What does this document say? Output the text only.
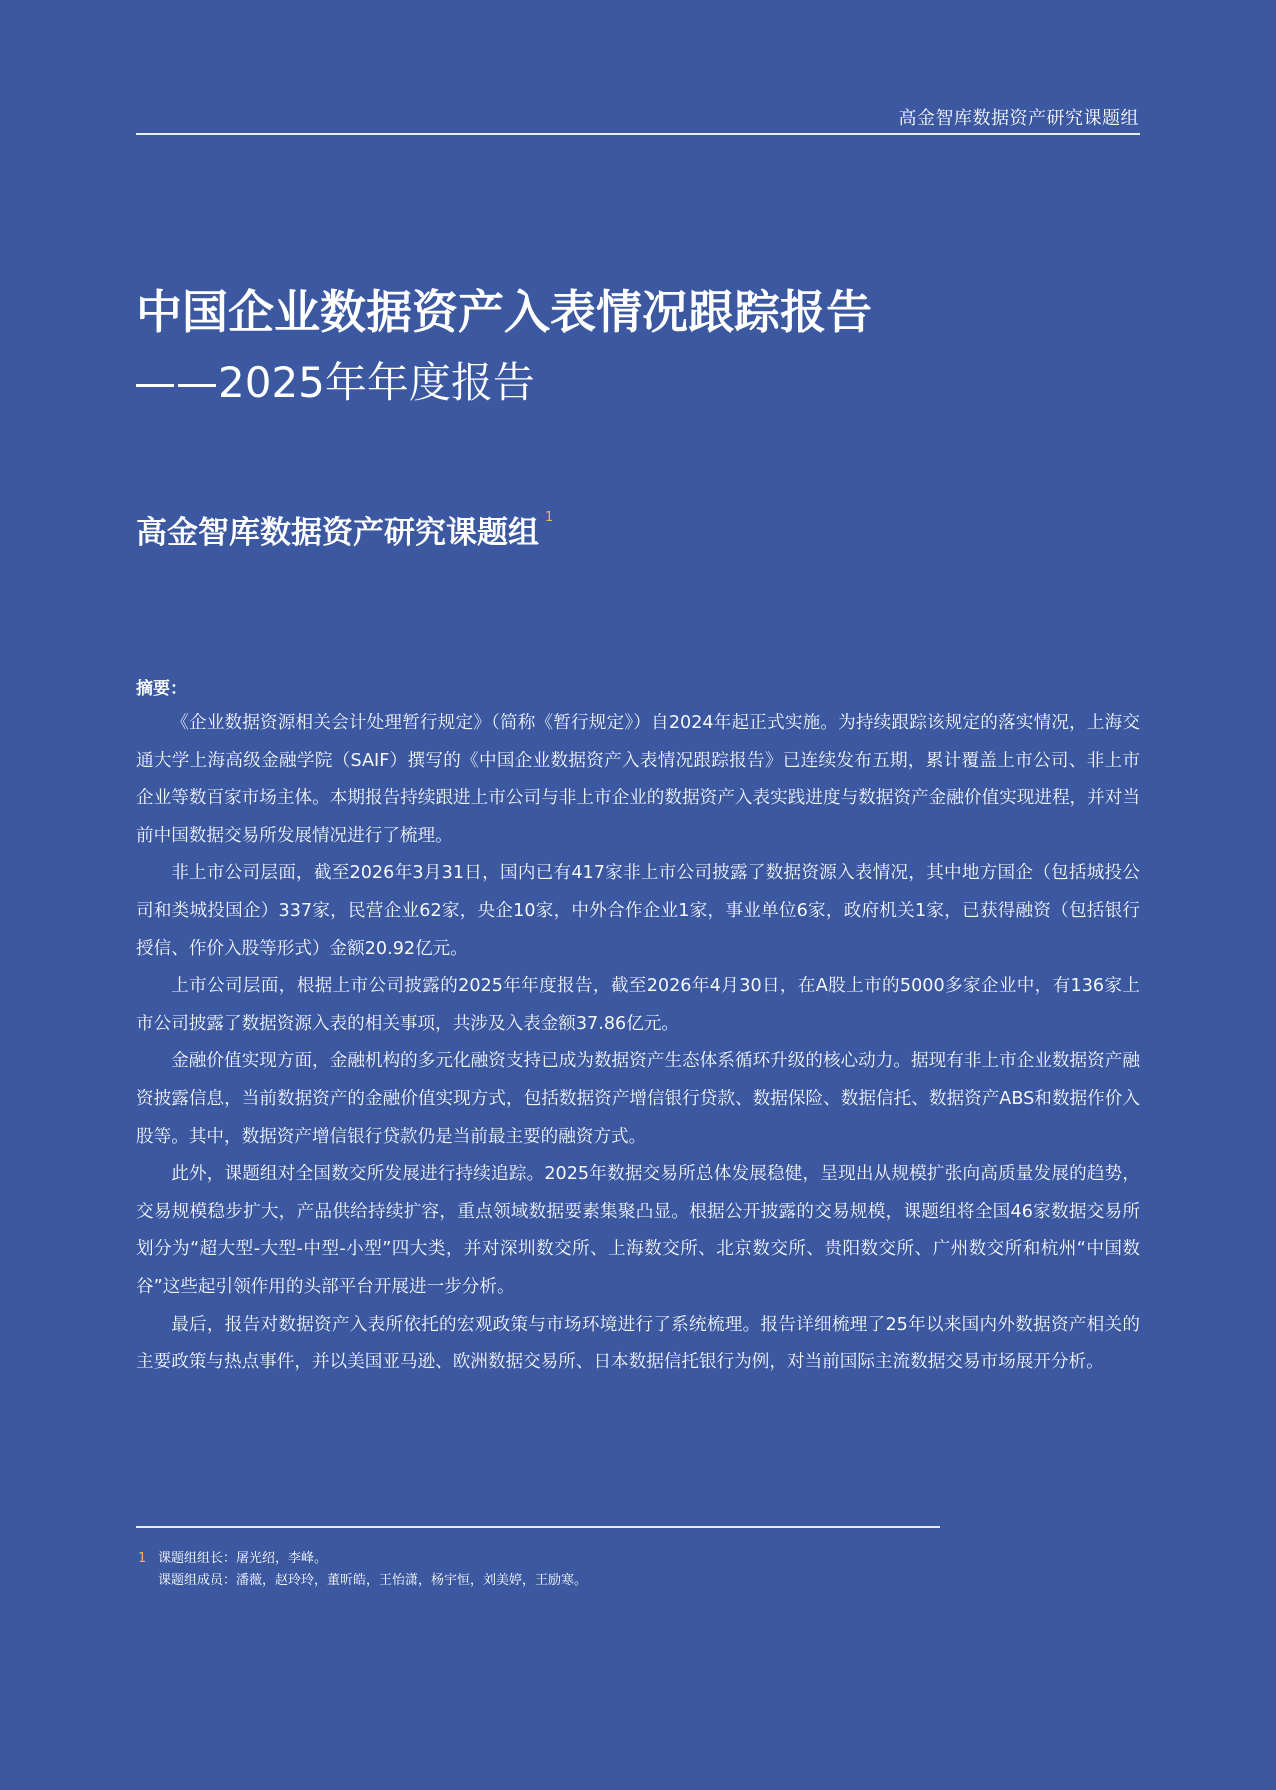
高金智库数据资产研究课题组
中国企业数据资产入表情况跟踪报告
——2025年年度报告
高金智库数据资产研究课题组 $^1$
摘要：

《企业数据资源相关会计处理暂行规定》（简称《暂行规定》）自2024年起正式实施。为持续跟踪该规定的落实情况，上海交通大学上海高级金融学院（SAIF）撰写的《中国企业数据资产入表情况跟踪报告》已连续发布五期，累计覆盖上市公司、非上市企业等数百家市场主体。本期报告持续跟进上市公司与非上市企业的数据资产入表实践进度与数据资产金融价值实现进程，并对当前中国数据交易所发展情况进行了梳理。

非上市公司层面，截至2026年3月31日，国内已有417家非上市公司披露了数据资源入表情况，其中地方国企（包括城投公司和类城投国企）337家，民营企业62家，央企10家，中外合作企业1家，事业单位6家，政府机关1家，已获得融资（包括银行授信、作价入股等形式）金额20.92亿元。

上市公司层面，根据上市公司披露的2025年年度报告，截至2026年4月30日，在A股上市的5000多家企业中，有136家上市公司披露了数据资源入表的相关事项，共涉及入表金额37.86亿元。

金融价值实现方面，金融机构的多元化融资支持已成为数据资产生态体系循环升级的核心动力。据现有非上市企业数据资产融资披露信息，当前数据资产的金融价值实现方式，包括数据资产增信银行贷款、数据保险、数据信托、数据资产ABS和数据作价入股等。其中，数据资产增信银行贷款仍是当前最主要的融资方式。

此外，课题组对全国数交所发展进行持续追踪。2025年数据交易所总体发展稳健，呈现出从规模扩张向高质量发展的趋势，交易规模稳步扩大，产品供给持续扩容，重点领域数据要素集聚凸显。根据公开披露的交易规模，课题组将全国46家数据交易所划分为“超大型-大型-中型-小型”四大类，并对深圳数交所、上海数交所、北京数交所、贵阳数交所、广州数交所和杭州“中国数谷”这些起引领作用的头部平台开展进一步分析。

最后，报告对数据资产入表所依托的宏观政策与市场环境进行了系统梳理。报告详细梳理了25年以来国内外数据资产相关的主要政策与热点事件，并以美国亚马逊、欧洲数据交易所、日本数据信托银行为例，对当前国际主流数据交易市场展开分析。

1 课题组组长：屠光绍，李峰。
课题组成员：潘薇，赵玲玲，董昕皓，王怡潇，杨宇恒，刘美婷，王励寒。
